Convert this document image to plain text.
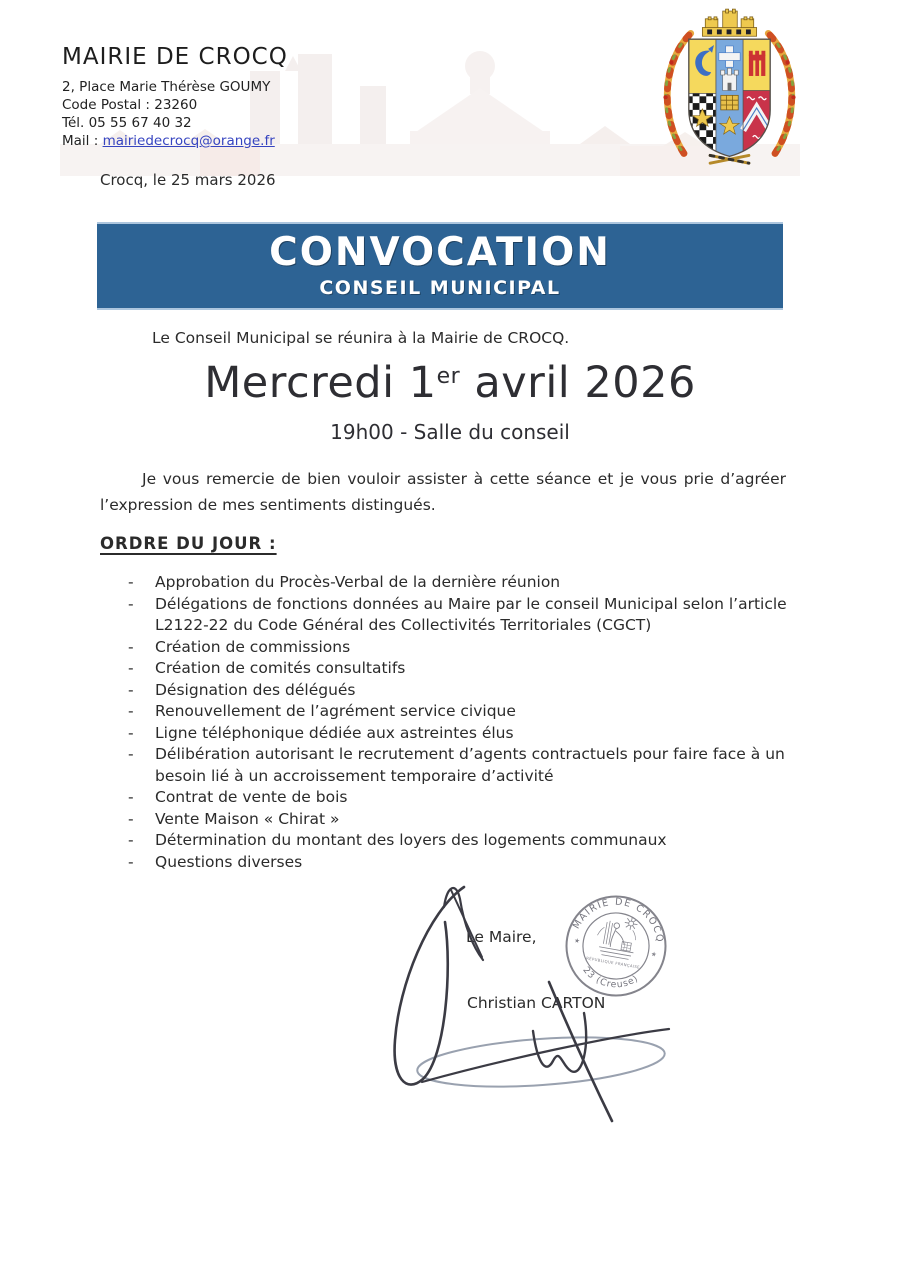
MAIRIE DE CROCQ
2, Place Marie Thérèse GOUMY
Code Postal : 23260
Tél. 05 55 67 40 32
Mail : mairiedecrocq@orange.fr
Crocq, le 25 mars 2026
CONVOCATION
CONSEIL MUNICIPAL
Le Conseil Municipal se réunira à la Mairie de CROCQ.
Mercredi 1er avril 2026
19h00 - Salle du conseil
Je vous remercie de bien vouloir assister à cette séance et je vous prie d’agréer l’expression de mes sentiments distingués.
ORDRE DU JOUR :
-	Approbation du Procès-Verbal de la dernière réunion
-	Délégations de fonctions données au Maire par le conseil Municipal selon l’article L2122-22 du Code Général des Collectivités Territoriales (CGCT)
-	Création de commissions
-	Création de comités consultatifs
-	Désignation des délégués
-	Renouvellement de l’agrément service civique
-	Ligne téléphonique dédiée aux astreintes élus
-	Délibération autorisant le recrutement d’agents contractuels pour faire face à un besoin lié à un accroissement temporaire d’activité
-	Contrat de vente de bois
-	Vente Maison « Chirat »
-	Détermination du montant des loyers des logements communaux
-	Questions diverses
Le Maire,
Christian CARTON
MAIRIE DE CROCQ
23 (Creuse)
★
★
RÉPUBLIQUE FRANÇAISE
